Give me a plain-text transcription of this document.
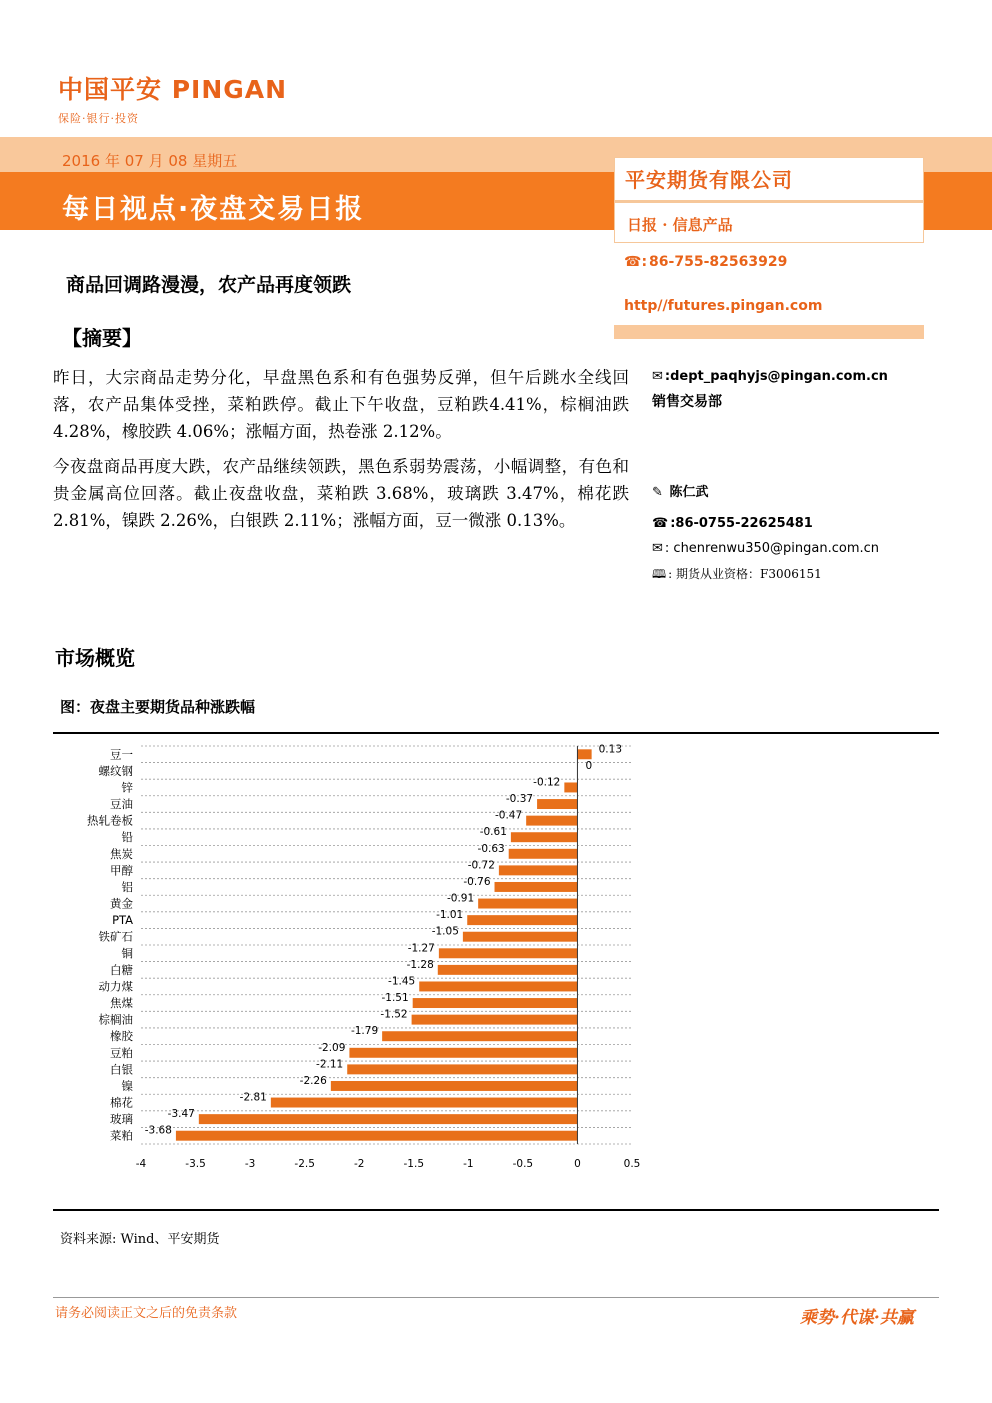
中国平安 PINGAN
保险·银行·投资
2016 年 07 月 08 星期五
每日视点·夜盘交易日报
平安期货有限公司
日报 · 信息产品
☎: 86-755-82563929
http//futures.pingan.com
商品回调路漫漫，农产品再度领跌
【摘要】

昨日，大宗商品走势分化，早盘黑色系和有色强势反弹，但午后跳水全线回落，农产品集体受挫，菜粕跌停。截止下午收盘，豆粕跌4.41%，棕榈油跌 4.28%，橡胶跌 4.06%；涨幅方面，热卷涨 2.12%。

今夜盘商品再度大跌，农产品继续领跌，黑色系弱势震荡，小幅调整，有色和贵金属高位回落。截止夜盘收盘，菜粕跌 3.68%，玻璃跌 3.47%，棉花跌 2.81%，镍跌 2.26%，白银跌 2.11%；涨幅方面，豆一微涨 0.13%。

✉ :dept_paqhyjs@pingan.com.cn
销售交易部
✎ 陈仁武
☎ :86-0755-22625481
✉ : chenrenwu350@pingan.com.cn
🕮 : 期货从业资格：F3006151
市场概览
图：夜盘主要期货品种涨跌幅
豆一	0.13
螺纹钢	0
锌	-0.12
豆油	-0.37
热轧卷板	-0.47
铅	-0.61
焦炭	-0.63
甲醇	-0.72
铝	-0.76
黄金	-0.91
PTA	-1.01
铁矿石	-1.05
铜	-1.27
白糖	-1.28
动力煤	-1.45
焦煤	-1.51
棕榈油	-1.52
橡胶	-1.79
豆粕	-2.09
白银	-2.11
镍	-2.26
棉花	-2.81
玻璃	-3.47
菜粕 -3.68
-4	-3.5	-3	-2.5	-2	-1.5	-1	-0.5	0	0.5
资料来源: Wind、平安期货
请务必阅读正文之后的免责条款	乘势·代谋·共赢
